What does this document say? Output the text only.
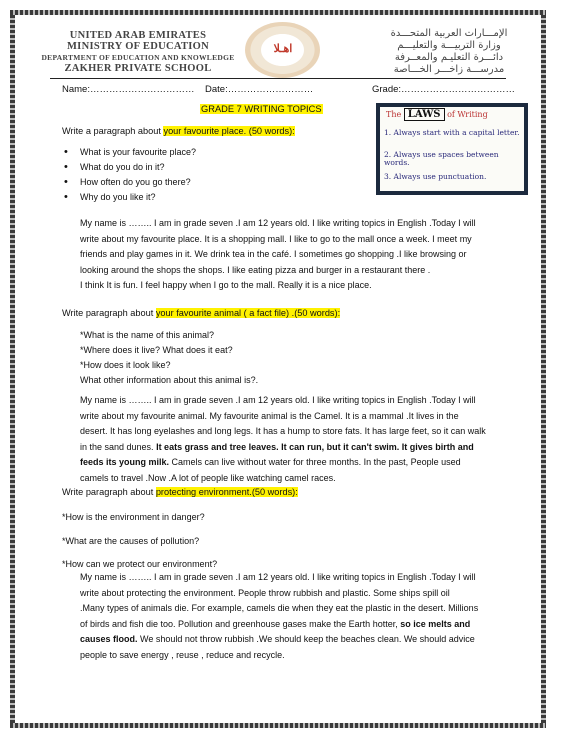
UNITED ARAB EMIRATES
MINISTRY OF EDUCATION
DEPARTMENT OF EDUCATION AND KNOWLEDGE
ZAKHER PRIVATE SCHOOL
اهـلا
الإمـــارات العربية المتحـــدة
وزارة التربيـــة والتعليـــم
دائـــرة التعليـم والمعــرفة
مدرســـة زاخـــر الخـــاصة
Name:…………………………… Date:………………………	Grade:………………………………
GRADE 7 WRITING TOPICS
The LAWS of Writing
1. Always start with a capital letter.
2. Always use spaces between words.
3. Always use punctuation.
Write a paragraph about your favourite place. (50 words):
• What is your favourite place?
• What do you do in it?
• How often do you go there?
• Why do you like it?
My name is …….. I am in grade seven .I am 12 years old. I like writing topics in English .Today I will
write about my favourite place. It is a shopping mall. I like to go to the mall once a week. I meet my
friends and play games in it. We drink tea in the café. I sometimes go shopping .I like browsing or
looking around the shops the shops. I like eating pizza and burger in a restaurant there .
I think It is fun. I feel happy when I go to the mall. Really it is a nice place.
Write paragraph about your favourite animal ( a fact file) .(50 words):
*What is the name of this animal?
*Where does it live? What does it eat?
*How does it look like?
What other information about this animal is?.
My name is …….. I am in grade seven .I am 12 years old. I like writing topics in English .Today I will
write about my favourite animal. My favourite animal is the Camel. It is a mammal .It lives in the
desert. It has long eyelashes and long legs. It has a hump to store fats. It has large feet, so it can walk
in the sand dunes. It eats grass and tree leaves. It can run, but it can't swim. It gives birth and
feeds its young milk. Camels can live without water for three months. In the past, People used
camels to travel .Now .A lot of people like watching camel races.
Write paragraph about protecting environment.(50 words):
*How is the environment in danger?
*What are the causes of pollution?
*How can we protect our environment?
My name is …….. I am in grade seven .I am 12 years old. I like writing topics in English .Today I will
write about protecting the environment. People throw rubbish and plastic. Some ships spill oil
.Many types of animals die. For example, camels die when they eat the plastic in the desert. Millions
of birds and fish die too. Pollution and greenhouse gases make the Earth hotter, so ice melts and
causes flood. We should not throw rubbish .We should keep the beaches clean. We should advice
people to save energy , reuse , reduce and recycle.
